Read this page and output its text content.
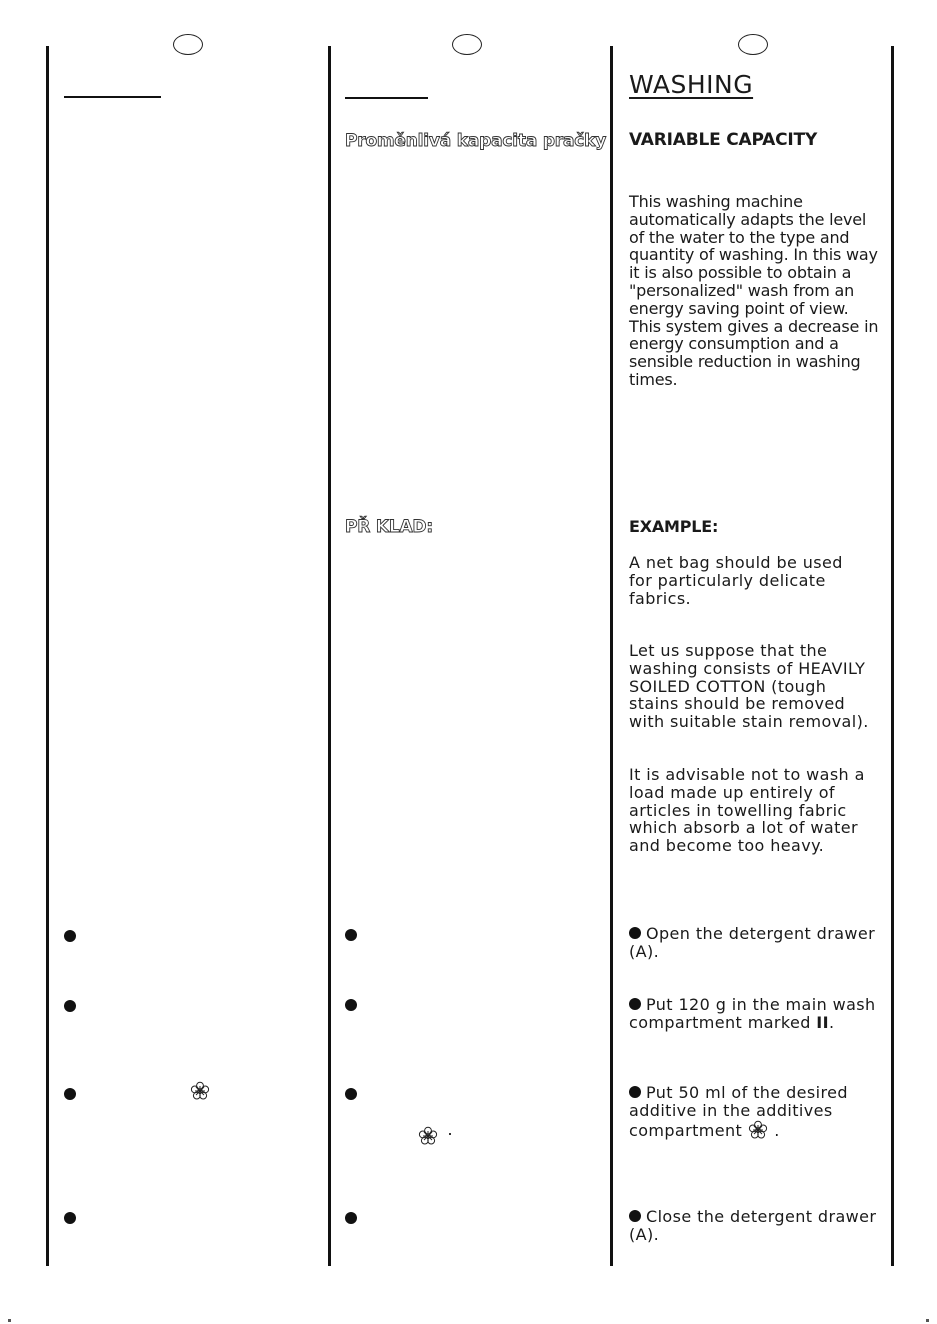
Proměnlivá kapacita pračky

PŘ KLAD:

WASHING

VARIABLE CAPACITY

This washing machine automatically adapts the level of the water to the type and quantity of washing. In this way it is also possible to obtain a "personalized" wash from an energy saving point of view. This system gives a decrease in energy consumption and a sensible reduction in washing times.

EXAMPLE:

A net bag should be used for particularly delicate fabrics.

Let us suppose that the washing consists of HEAVILY SOILED COTTON (tough stains should be removed with suitable stain removal).

It is advisable not to wash a load made up entirely of articles in towelling fabric which absorb a lot of water and become too heavy.

Open the detergent drawer (A).

Put 120 g in the main wash compartment marked II.

Put 50 ml of the desired additive in the additives compartment .

Close the detergent drawer (A).
